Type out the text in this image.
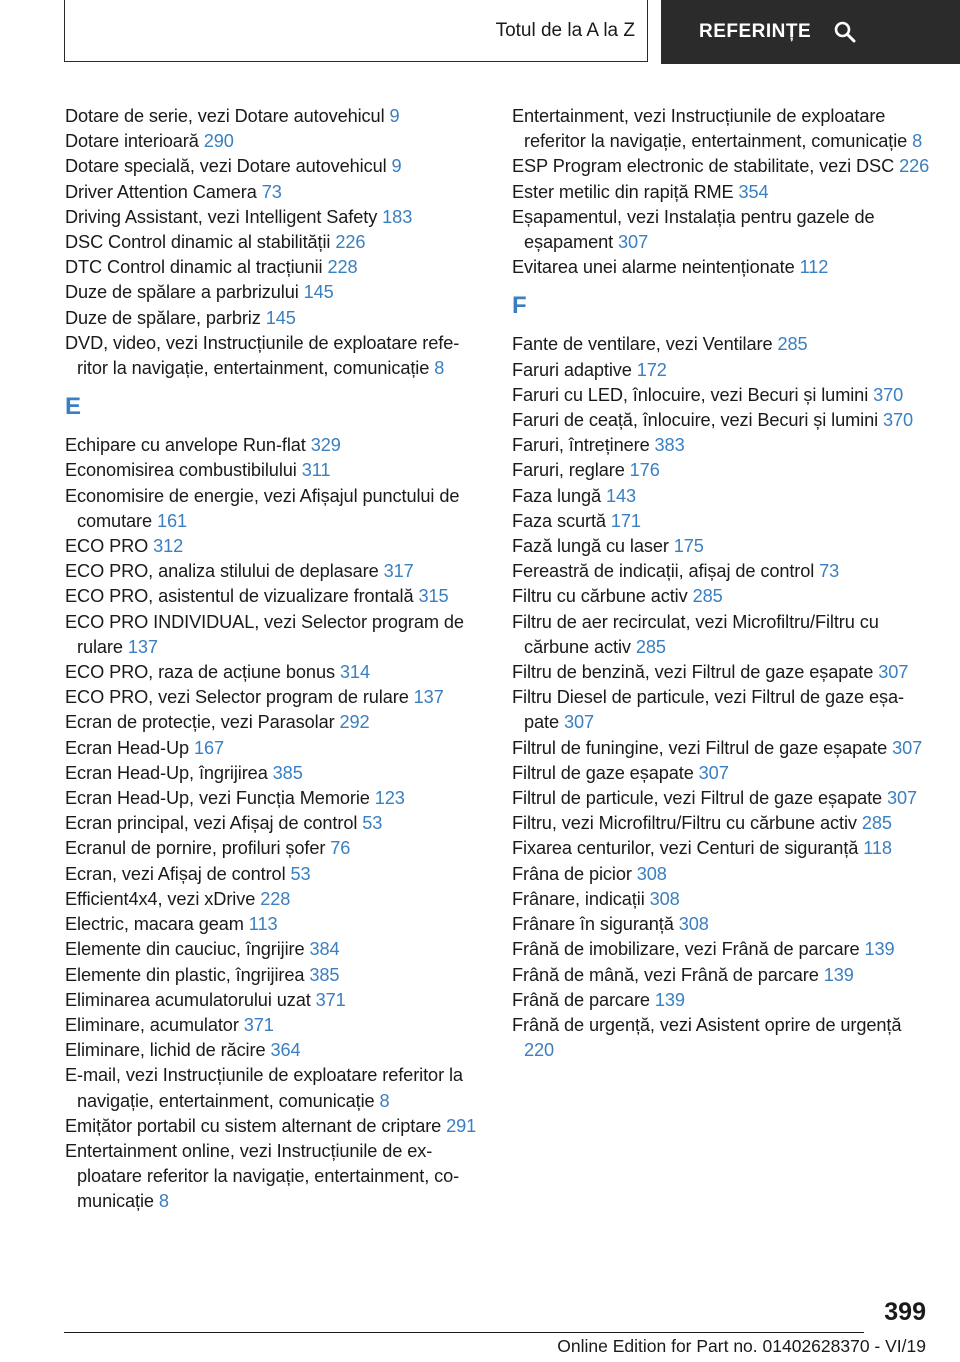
Totul de la A la Z	REFERINȚE
Dotare de serie, vezi Dotare autovehicul 9
Dotare interioară 290
Dotare specială, vezi Dotare autovehicul 9
Driver Attention Camera 73
Driving Assistant, vezi Intelligent Safety 183
DSC Control dinamic al stabilității 226
DTC Control dinamic al tracțiunii 228
Duze de spălare a parbrizului 145
Duze de spălare, parbriz 145
DVD, video, vezi Instrucțiunile de exploatare referitor la navigație, entertainment, comunicație 8
E
Echipare cu anvelope Run-flat 329
Economisirea combustibilului 311
Economisire de energie, vezi Afișajul punctului de comutare 161
ECO PRO 312
ECO PRO, analiza stilului de deplasare 317
ECO PRO, asistentul de vizualizare frontală 315
ECO PRO INDIVIDUAL, vezi Selector program de rulare 137
ECO PRO, raza de acțiune bonus 314
ECO PRO, vezi Selector program de rulare 137
Ecran de protecție, vezi Parasolar 292
Ecran Head-Up 167
Ecran Head-Up, îngrijirea 385
Ecran Head-Up, vezi Funcția Memorie 123
Ecran principal, vezi Afișaj de control 53
Ecranul de pornire, profiluri șofer 76
Ecran, vezi Afișaj de control 53
Efficient4x4, vezi xDrive 228
Electric, macara geam 113
Elemente din cauciuc, îngrijire 384
Elemente din plastic, îngrijirea 385
Eliminarea acumulatorului uzat 371
Eliminare, acumulator 371
Eliminare, lichid de răcire 364
E-mail, vezi Instrucțiunile de exploatare referitor la navigație, entertainment, comunicație 8
Emițător portabil cu sistem alternant de criptare 291
Entertainment online, vezi Instrucțiunile de exploatare referitor la navigație, entertainment, comunicație 8
Entertainment, vezi Instrucțiunile de exploatare referitor la navigație, entertainment, comunicație 8
ESP Program electronic de stabilitate, vezi DSC 226
Ester metilic din rapiță RME 354
Eșapamentul, vezi Instalația pentru gazele de eșapament 307
Evitarea unei alarme neintenționate 112
F
Fante de ventilare, vezi Ventilare 285
Faruri adaptive 172
Faruri cu LED, înlocuire, vezi Becuri și lumini 370
Faruri de ceață, înlocuire, vezi Becuri și lumini 370
Faruri, întreținere 383
Faruri, reglare 176
Faza lungă 143
Faza scurtă 171
Fază lungă cu laser 175
Fereastră de indicații, afișaj de control 73
Filtru cu cărbune activ 285
Filtru de aer recirculat, vezi Microfiltru/Filtru cu cărbune activ 285
Filtru de benzină, vezi Filtrul de gaze eșapate 307
Filtru Diesel de particule, vezi Filtrul de gaze eșapate 307
Filtrul de funingine, vezi Filtrul de gaze eșapate 307
Filtrul de gaze eșapate 307
Filtrul de particule, vezi Filtrul de gaze eșapate 307
Filtru, vezi Microfiltru/Filtru cu cărbune activ 285
Fixarea centurilor, vezi Centuri de siguranță 118
Frâna de picior 308
Frânare, indicații 308
Frânare în siguranță 308
Frână de imobilizare, vezi Frână de parcare 139
Frână de mână, vezi Frână de parcare 139
Frână de parcare 139
Frână de urgență, vezi Asistent oprire de urgență 220
399
Online Edition for Part no. 01402628370 - VI/19
